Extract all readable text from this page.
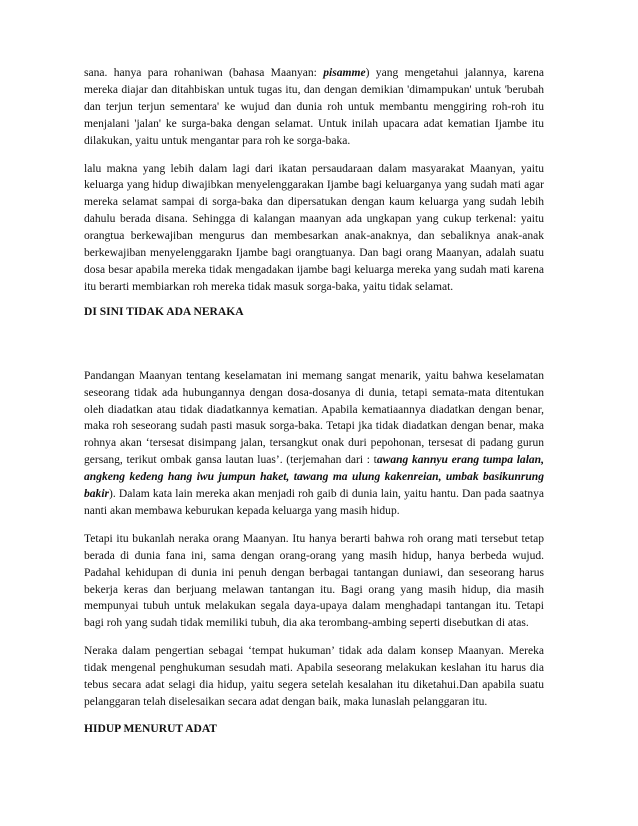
sana. hanya para rohaniwan (bahasa Maanyan: pisamme) yang mengetahui jalannya, karena mereka diajar dan ditahbiskan untuk tugas itu, dan dengan demikian 'dimampukan' untuk 'berubah dan terjun terjun sementara' ke wujud dan dunia roh untuk membantu menggiring roh-roh itu menjalani 'jalan' ke surga-baka dengan selamat. Untuk inilah upacara adat kematian Ijambe itu dilakukan, yaitu untuk mengantar para roh ke sorga-baka.

lalu makna yang lebih dalam lagi dari ikatan persaudaraan dalam masyarakat Maanyan, yaitu keluarga yang hidup diwajibkan menyelenggarakan Ijambe bagi keluarganya yang sudah mati agar mereka selamat sampai di sorga-baka dan dipersatukan dengan kaum keluarga yang sudah lebih dahulu berada disana. Sehingga di kalangan maanyan ada ungkapan yang cukup terkenal: yaitu orangtua berkewajiban mengurus dan membesarkan anak-anaknya, dan sebaliknya anak-anak berkewajiban menyelenggarakn Ijambe bagi orangtuanya. Dan bagi orang Maanyan, adalah suatu dosa besar apabila mereka tidak mengadakan ijambe bagi keluarga mereka yang sudah mati karena itu berarti membiarkan roh mereka tidak masuk sorga-baka, yaitu tidak selamat.

DI SINI TIDAK ADA NERAKA

Pandangan Maanyan tentang keselamatan ini memang sangat menarik, yaitu bahwa keselamatan seseorang tidak ada hubungannya dengan dosa-dosanya di dunia, tetapi semata-mata ditentukan oleh diadatkan atau tidak diadatkannya kematian. Apabila kematiaannya diadatkan dengan benar, maka roh seseorang sudah pasti masuk sorga-baka. Tetapi jka tidak diadatkan dengan benar, maka rohnya akan ‘tersesat disimpang jalan, tersangkut onak duri pepohonan, tersesat di padang gurun gersang, terikut ombak gansa lautan luas’. (terjemahan dari : tawang kannyu erang tumpa lalan, angkeng kedeng hang iwu jumpun haket, tawang ma ulung kakenreian, umbak basikunrung bakir). Dalam kata lain mereka akan menjadi roh gaib di dunia lain, yaitu hantu. Dan pada saatnya nanti akan membawa keburukan kepada keluarga yang masih hidup.

Tetapi itu bukanlah neraka orang Maanyan. Itu hanya berarti bahwa roh orang mati tersebut tetap berada di dunia fana ini, sama dengan orang-orang yang masih hidup, hanya berbeda wujud. Padahal kehidupan di dunia ini penuh dengan berbagai tantangan duniawi, dan seseorang harus bekerja keras dan berjuang melawan tantangan itu. Bagi orang yang masih hidup, dia masih mempunyai tubuh untuk melakukan segala daya-upaya dalam menghadapi tantangan itu. Tetapi bagi roh yang sudah tidak memiliki tubuh, dia aka terombang-ambing seperti disebutkan di atas.

Neraka dalam pengertian sebagai ‘tempat hukuman’ tidak ada dalam konsep Maanyan. Mereka tidak mengenal penghukuman sesudah mati. Apabila seseorang melakukan keslahan itu harus dia tebus secara adat selagi dia hidup, yaitu segera setelah kesalahan itu diketahui.Dan apabila suatu pelanggaran telah diselesaikan secara adat dengan baik, maka lunaslah pelanggaran itu.

HIDUP MENURUT ADAT
